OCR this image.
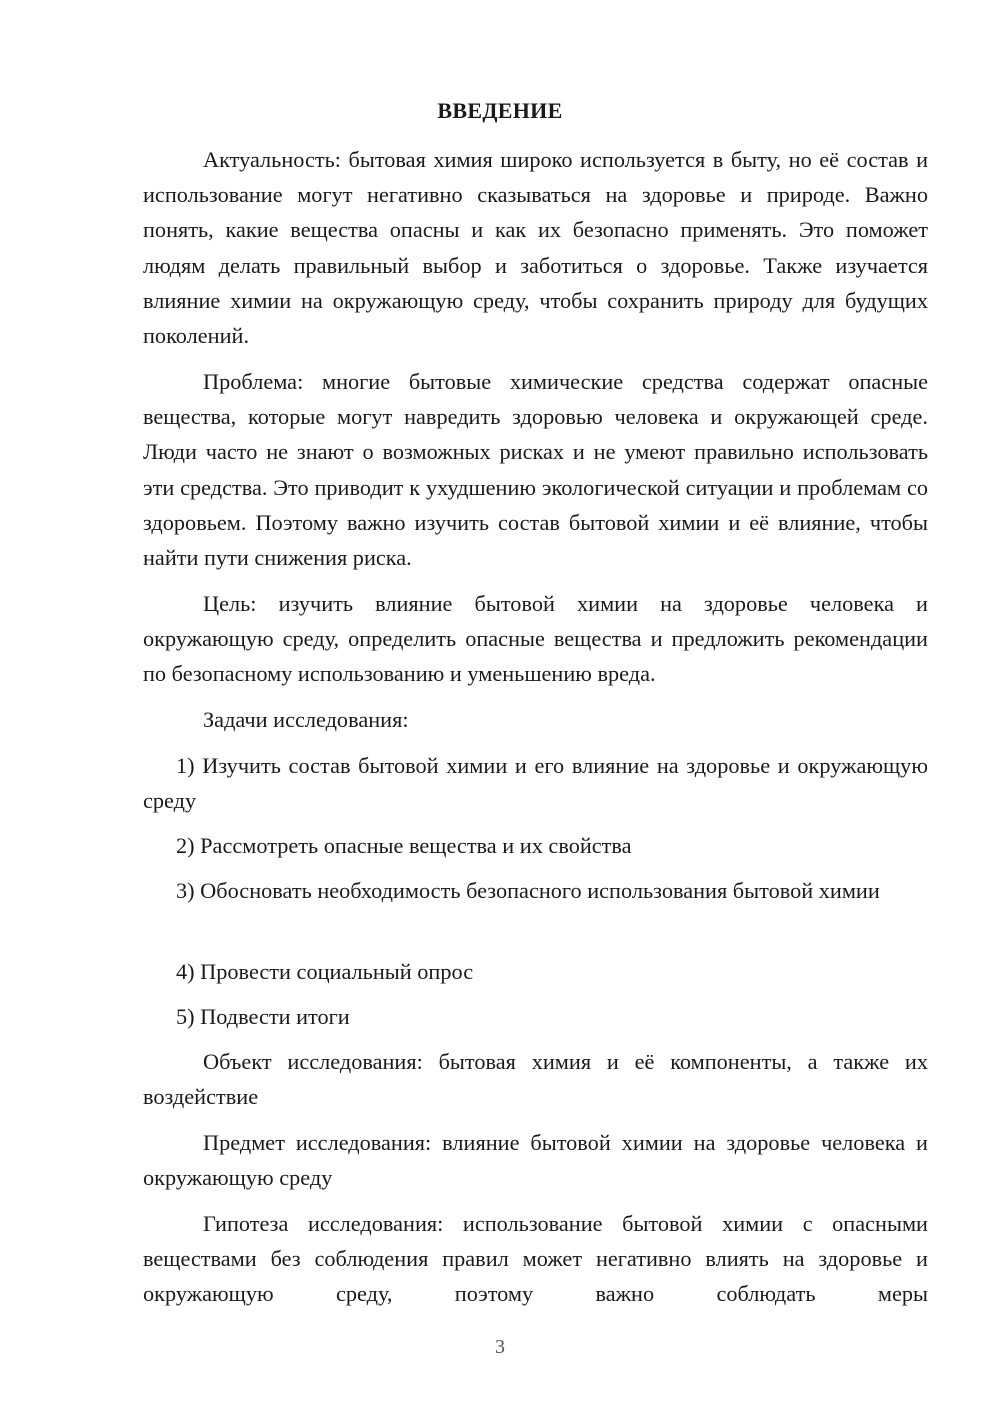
ВВЕДЕНИЕ

Актуальность: бытовая химия широко используется в быту, но её состав и использование могут негативно сказываться на здоровье и природе. Важно понять, какие вещества опасны и как их безопасно применять. Это поможет людям делать правильный выбор и заботиться о здоровье. Также изучается влияние химии на окружающую среду, чтобы сохранить природу для будущих поколений.

Проблема: многие бытовые химические средства содержат опасные вещества, которые могут навредить здоровью человека и окружающей среде. Люди часто не знают о возможных рисках и не умеют правильно использовать эти средства. Это приводит к ухудшению экологической ситуации и проблемам со здоровьем. Поэтому важно изучить состав бытовой химии и её влияние, чтобы найти пути снижения риска.

Цель: изучить влияние бытовой химии на здоровье человека и окружающую среду, определить опасные вещества и предложить рекомендации по безопасному использованию и уменьшению вреда.

Задачи исследования:

1) Изучить состав бытовой химии и его влияние на здоровье и окружающую среду

2) Рассмотреть опасные вещества и их свойства

3) Обосновать необходимость безопасного использования бытовой химии

4) Провести социальный опрос

5) Подвести итоги

Объект исследования: бытовая химия и её компоненты, а также их воздействие

Предмет исследования: влияние бытовой химии на здоровье человека и окружающую среду

Гипотеза исследования: использование бытовой химии с опасными веществами без соблюдения правил может негативно влиять на здоровье и окружающую среду, поэтому важно соблюдать меры

3
